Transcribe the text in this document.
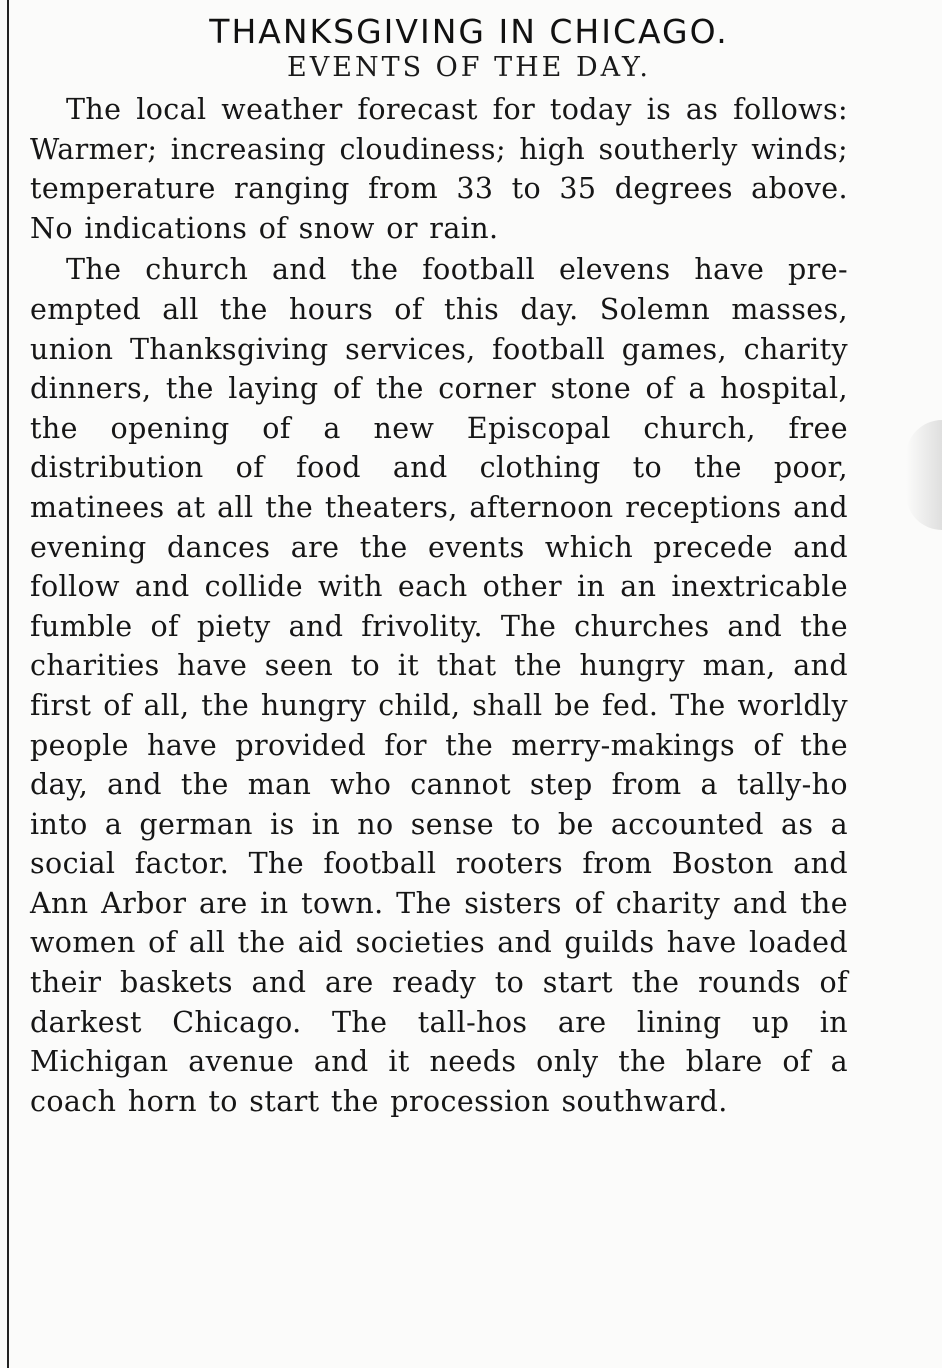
THANKSGIVING IN CHICAGO.
EVENTS OF THE DAY.

The local weather forecast for today is as follows: Warmer; increasing cloudiness; high southerly winds; temperature ranging from 33 to 35 degrees above. No indications of snow or rain.

The church and the football elevens have pre-empted all the hours of this day. Solemn masses, union Thanksgiving services, football games, charity dinners, the laying of the corner stone of a hospital, the opening of a new Episcopal church, free distribution of food and clothing to the poor, matinees at all the theaters, afternoon receptions and evening dances are the events which precede and follow and collide with each other in an inextricable fumble of piety and frivolity. The churches and the charities have seen to it that the hungry man, and first of all, the hungry child, shall be fed. The worldly people have provided for the merry-makings of the day, and the man who cannot step from a tally-ho into a german is in no sense to be accounted as a social factor. The football rooters from Boston and Ann Arbor are in town. The sisters of charity and the women of all the aid societies and guilds have loaded their baskets and are ready to start the rounds of darkest Chicago. The tall-hos are lining up in Michigan avenue and it needs only the blare of a coach horn to start the procession southward.
